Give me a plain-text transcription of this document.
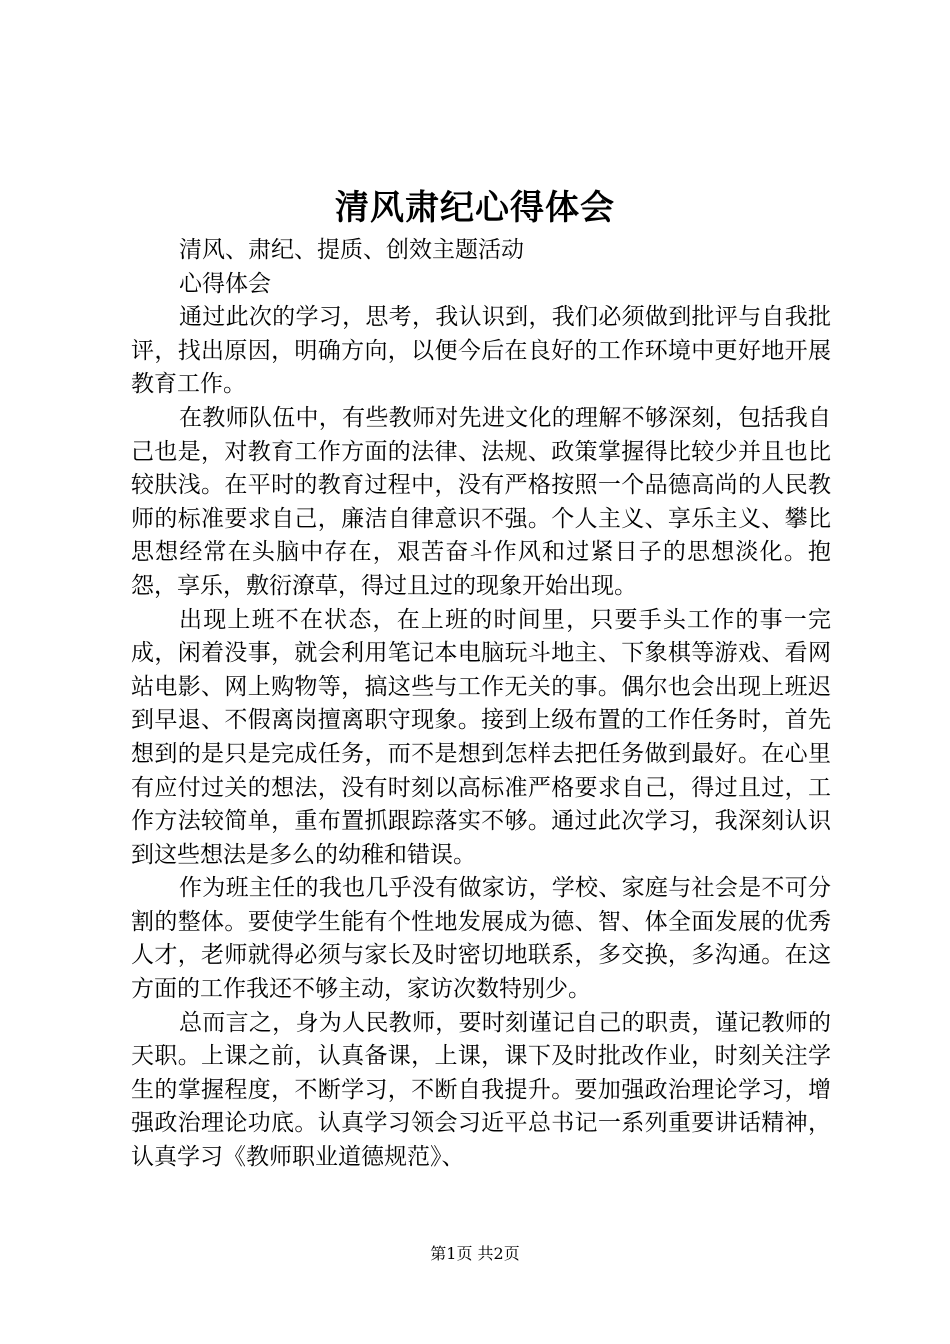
清风肃纪心得体会
清风、肃纪、提质、创效主题活动
心得体会

通过此次的学习，思考，我认识到，我们必须做到批评与自我批评，找出原因，明确方向，以便今后在良好的工作环境中更好地开展教育工作。

在教师队伍中，有些教师对先进文化的理解不够深刻，包括我自己也是，对教育工作方面的法律、法规、政策掌握得比较少并且也比较肤浅。在平时的教育过程中，没有严格按照一个品德高尚的人民教师的标准要求自己，廉洁自律意识不强。个人主义、享乐主义、攀比思想经常在头脑中存在，艰苦奋斗作风和过紧日子的思想淡化。抱怨，享乐，敷衍潦草，得过且过的现象开始出现。

出现上班不在状态，在上班的时间里，只要手头工作的事一完成，闲着没事，就会利用笔记本电脑玩斗地主、下象棋等游戏、看网站电影、网上购物等，搞这些与工作无关的事。偶尔也会出现上班迟到早退、不假离岗擅离职守现象。接到上级布置的工作任务时，首先想到的是只是完成任务，而不是想到怎样去把任务做到最好。在心里有应付过关的想法，没有时刻以高标准严格要求自己，得过且过，工作方法较简单，重布置抓跟踪落实不够。通过此次学习，我深刻认识到这些想法是多么的幼稚和错误。

作为班主任的我也几乎没有做家访，学校、家庭与社会是不可分割的整体。要使学生能有个性地发展成为德、智、体全面发展的优秀人才，老师就得必须与家长及时密切地联系，多交换，多沟通。在这方面的工作我还不够主动，家访次数特别少。

总而言之，身为人民教师，要时刻谨记自己的职责，谨记教师的天职。上课之前，认真备课，上课，课下及时批改作业，时刻关注学生的掌握程度，不断学习，不断自我提升。要加强政治理论学习，增强政治理论功底。认真学习领会习近平总书记一系列重要讲话精神，认真学习《教师职业道德规范》、

第1页 共2页
